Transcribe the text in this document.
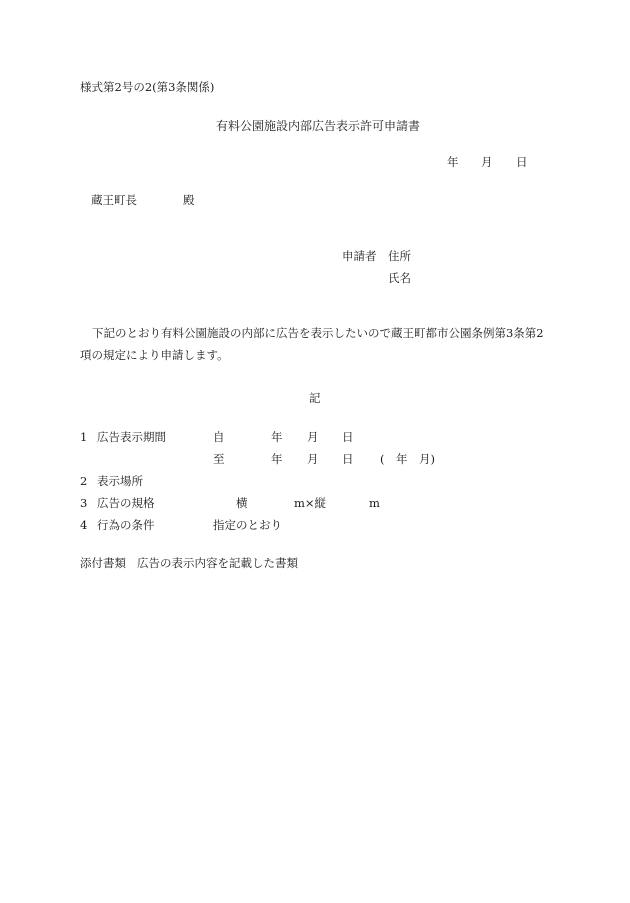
様式第2号の2(第3条関係)
有料公園施設内部広告表示許可申請書
年 月 日
蔵王町長	殿
申請者 住所
氏名
下記のとおり有料公園施設の内部に広告を表示したいので蔵王町都市公園条例第3条第2
項の規定により申請します。
記
1 広告表示期間	自	年 月 日
至	年 月 日 ( 年 月)
2 表示場所
3 広告の規格	横	m×縦	m
4 行為の条件	指定のとおり
添付書類 広告の表示内容を記載した書類
